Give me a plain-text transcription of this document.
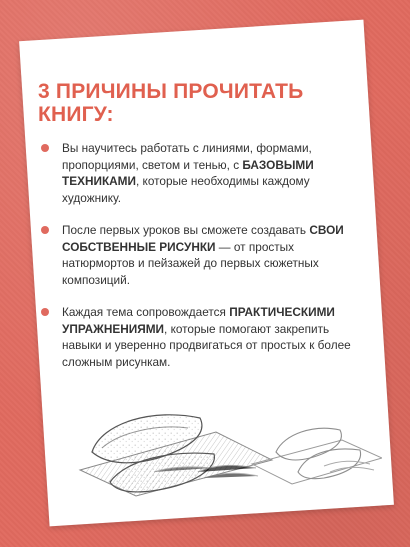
3 ПРИЧИНЫ ПРОЧИТАТЬ КНИГУ:
Вы научитесь работать с линиями, формами, пропорциями, светом и тенью, с БАЗОВЫМИ ТЕХНИКАМИ, которые необходимы каждому художнику.
После первых уроков вы сможете создавать СВОИ СОБСТВЕННЫЕ РИСУНКИ — от простых натюрмортов и пейзажей до первых сюжетных композиций.
Каждая тема сопровождается ПРАКТИЧЕСКИМИ УПРАЖНЕНИЯМИ, которые помогают закрепить навыки и уверенно продвигаться от простых к более сложным рисункам.
